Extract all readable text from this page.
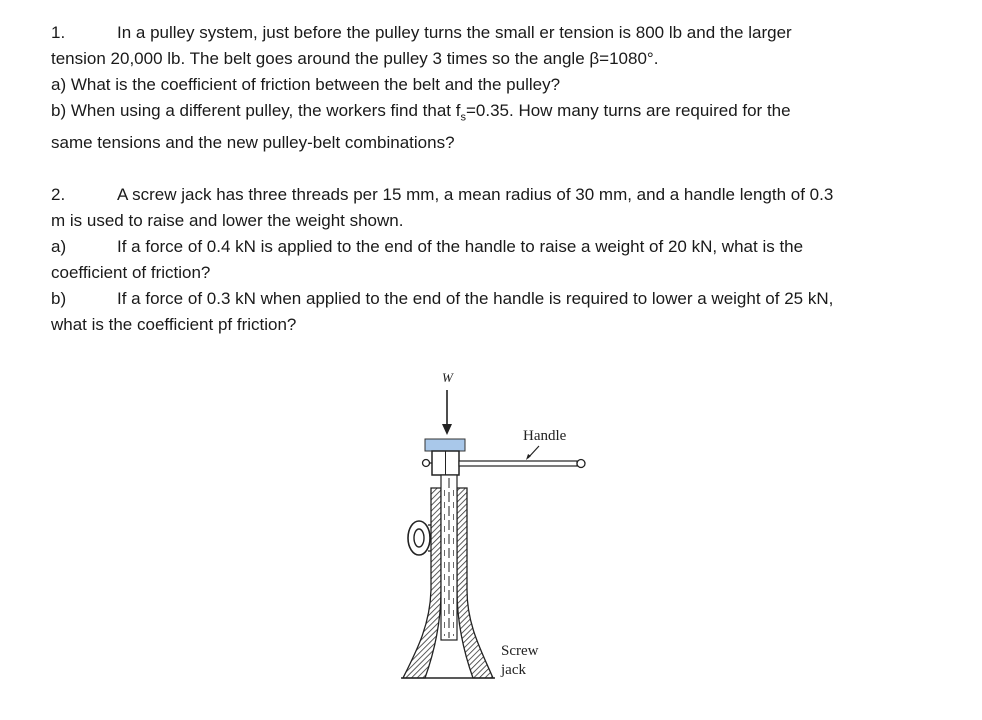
1.	In a pulley system, just before the pulley turns the small er tension is 800 lb and the larger
tension 20,000 lb. The belt goes around the pulley 3 times so the angle β=1080°.
a) What is the coefficient of friction between the belt and the pulley?
b) When using a different pulley, the workers find that $f_s=0.35$. How many turns are required for the
same tensions and the new pulley-belt combinations?
2.	A screw jack has three threads per 15 mm, a mean radius of 30 mm, and a handle length of 0.3
m is used to raise and lower the weight shown.
a)	If a force of 0.4 kN is applied to the end of the handle to raise a weight of 20 kN, what is the
coefficient of friction?
b)	If a force of 0.3 kN when applied to the end of the handle is required to lower a weight of 25 kN,
what is the coefficient pf friction?
W
Handle
Screw
jack
